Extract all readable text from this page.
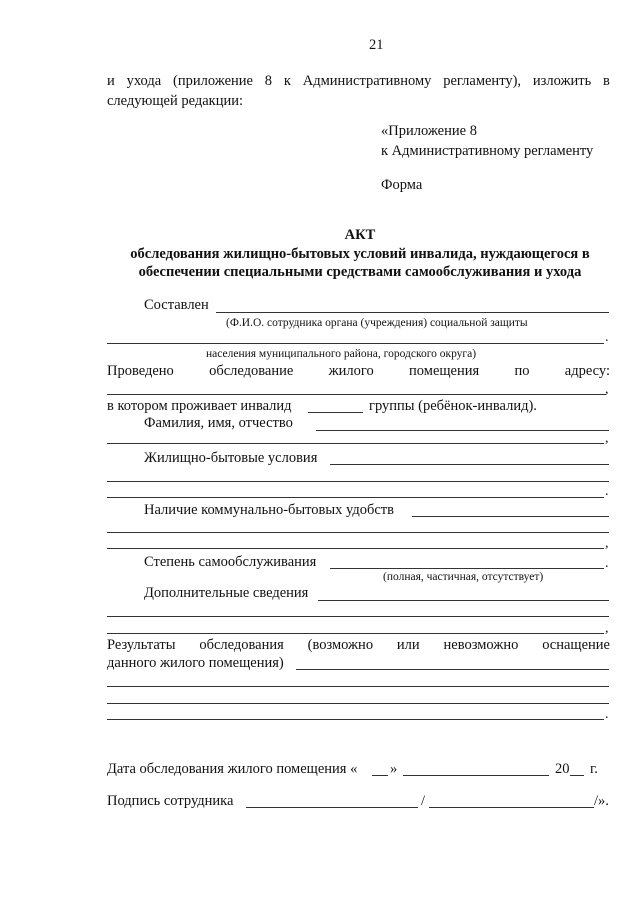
21
и ухода (приложение 8 к Административному регламенту), изложить в
следующей редакции:
«Приложение 8
к Административному регламенту
Форма
АКТ
обследования жилищно-бытовых условий инвалида, нуждающегося в
обеспечении специальными средствами самообслуживания и ухода
Составлен
(Ф.И.О. сотрудника органа (учреждения) социальной защиты
.
населения муниципального района, городского округа)
Проведено обследование жилого помещения по адресу:
,
в котором проживает инвалид	группы (ребёнок-инвалид).
Фамилия, имя, отчество
,
Жилищно-бытовые условия
.
Наличие коммунально-бытовых удобств
,
Степень самообслуживания	.
(полная, частичная, отсутствует)
Дополнительные сведения
,
Результаты обследования (возможно или невозможно оснащение
данного жилого помещения)
.
Дата обследования жилого помещения « »	20 г.
Подпись сотрудника	/	/».
